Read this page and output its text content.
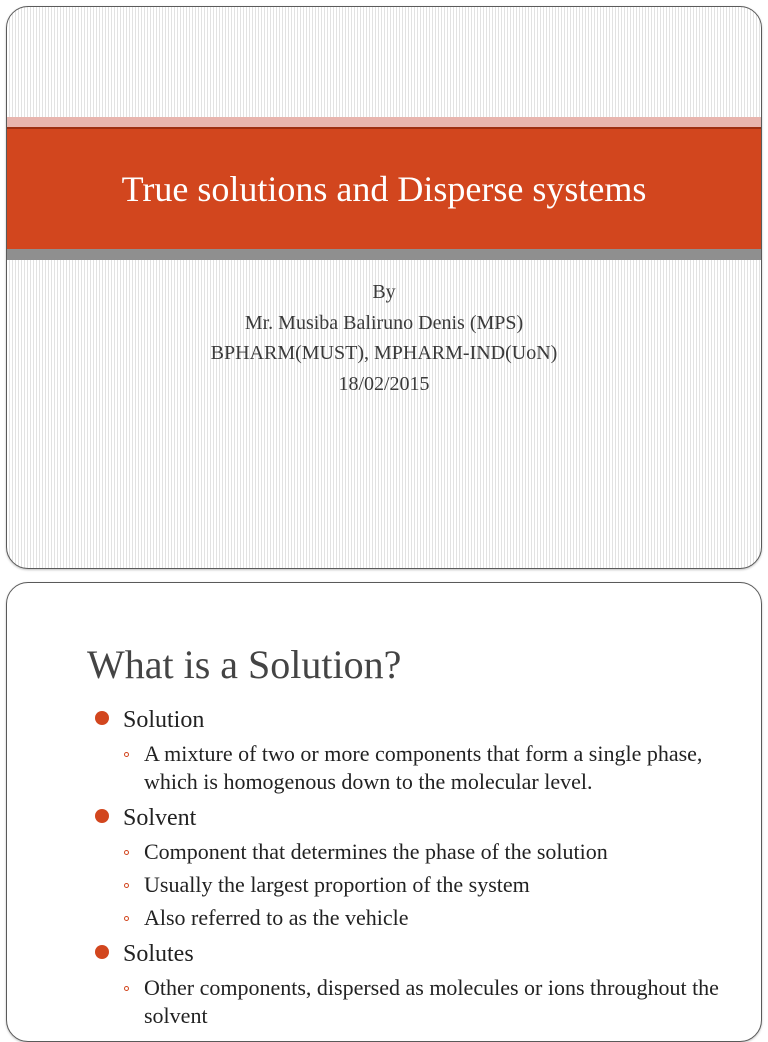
True solutions and Disperse systems
By
Mr. Musiba Baliruno Denis (MPS)
BPHARM(MUST), MPHARM-IND(UoN)
18/02/2015
What is a Solution?
Solution
A mixture of two or more components that form a single phase, which is homogenous down to the molecular level.
Solvent
Component that determines the phase of the solution
Usually the largest proportion of the system
Also referred to as the vehicle
Solutes
Other components, dispersed as molecules or ions throughout the solvent
